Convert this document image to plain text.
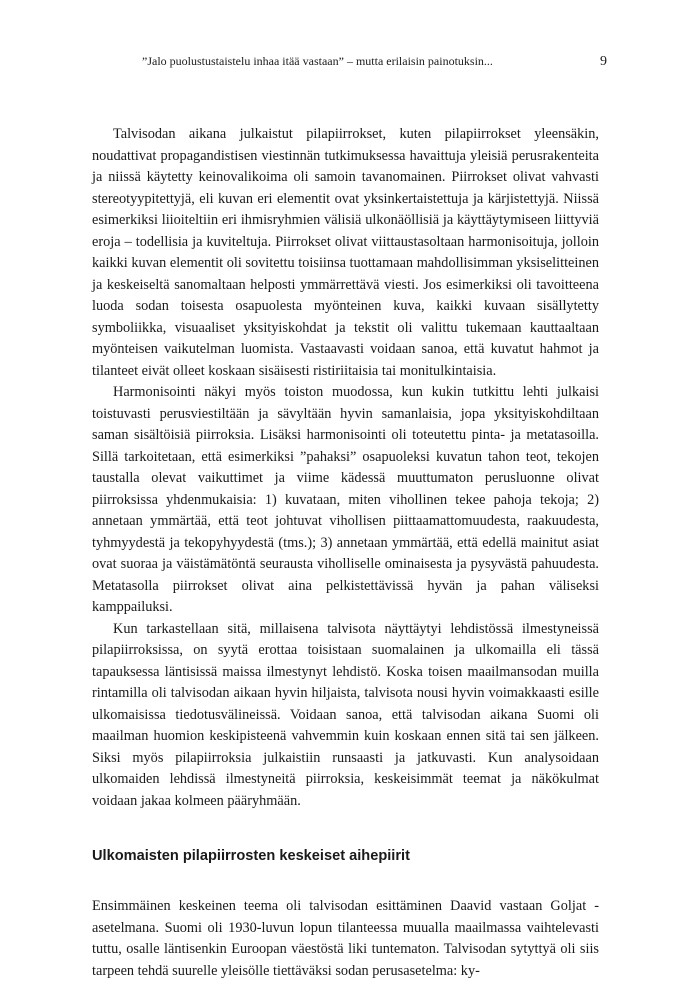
”Jalo puolustustaistelu inhaa itää vastaan” – mutta erilaisin painotuksin...	9

Talvisodan aikana julkaistut pilapiirrokset, kuten pilapiirrokset yleensäkin, noudattivat propagandistisen viestinnän tutkimuksessa havaittuja yleisiä perusrakenteita ja niissä käytetty keinovalikoima oli samoin tavanomainen. Piirrokset olivat vahvasti stereotyypitettyjä, eli kuvan eri elementit ovat yksinkertaistettuja ja kärjistettyjä. Niissä esimerkiksi liioiteltiin eri ihmisryhmien välisiä ulkonäöllisiä ja käyttäytymiseen liittyviä eroja – todellisia ja kuviteltuja. Piirrokset olivat viittaustasoltaan harmonisoituja, jolloin kaikki kuvan elementit oli sovitettu toisiinsa tuottamaan mahdollisimman yksiselitteinen ja keskeiseltä sanomaltaan helposti ymmärrettävä viesti. Jos esimerkiksi oli tavoitteena luoda sodan toisesta osapuolesta myönteinen kuva, kaikki kuvaan sisällytetty symboliikka, visuaaliset yksityiskohdat ja tekstit oli valittu tukemaan kauttaaltaan myönteisen vaikutelman luomista. Vastaavasti voidaan sanoa, että kuvatut hahmot ja tilanteet eivät olleet koskaan sisäisesti ristiriitaisia tai monitulkintaisia.

Harmonisointi näkyi myös toiston muodossa, kun kukin tutkittu lehti julkaisi toistuvasti perusviestiltään ja sävyltään hyvin samanlaisia, jopa yksityiskohdiltaan saman sisältöisiä piirroksia. Lisäksi harmonisointi oli toteutettu pinta- ja metatasoilla. Sillä tarkoitetaan, että esimerkiksi ”pahaksi” osapuoleksi kuvatun tahon teot, tekojen taustalla olevat vaikuttimet ja viime kädessä muuttumaton perusluonne olivat piirroksissa yhdenmukaisia: 1) kuvataan, miten vihollinen tekee pahoja tekoja; 2) annetaan ymmärtää, että teot johtuvat vihollisen piittaamattomuudesta, raakuudesta, tyhmyydestä ja tekopyhyydestä (tms.); 3) annetaan ymmärtää, että edellä mainitut asiat ovat suoraa ja väistämätöntä seurausta viholliselle ominaisesta ja pysyvästä pahuudesta. Metatasolla piirrokset olivat aina pelkistettävissä hyvän ja pahan väliseksi kamppailuksi.

Kun tarkastellaan sitä, millaisena talvisota näyttäytyi lehdistössä ilmestyneissä pilapiirroksissa, on syytä erottaa toisistaan suomalainen ja ulkomailla eli tässä tapauksessa läntisissä maissa ilmestynyt lehdistö. Koska toisen maailmansodan muilla rintamilla oli talvisodan aikaan hyvin hiljaista, talvisota nousi hyvin voimakkaasti esille ulkomaisissa tiedotusvälineissä. Voidaan sanoa, että talvisodan aikana Suomi oli maailman huomion keskipisteenä vahvemmin kuin koskaan ennen sitä tai sen jälkeen. Siksi myös pilapiirroksia julkaistiin runsaasti ja jatkuvasti. Kun analysoidaan ulkomaiden lehdissä ilmestyneitä piirroksia, keskeisimmät teemat ja näkökulmat voidaan jakaa kolmeen pääryhmään.

Ulkomaisten pilapiirrosten keskeiset aihepiirit

Ensimmäinen keskeinen teema oli talvisodan esittäminen Daavid vastaan Goljat -asetelmana. Suomi oli 1930-luvun lopun tilanteessa muualla maailmassa vaihtelevasti tuttu, osalle läntisenkin Euroopan väestöstä liki tuntematon. Talvisodan sytyttyä oli siis tarpeen tehdä suurelle yleisölle tiettäväksi sodan perusasetelma: ky-
